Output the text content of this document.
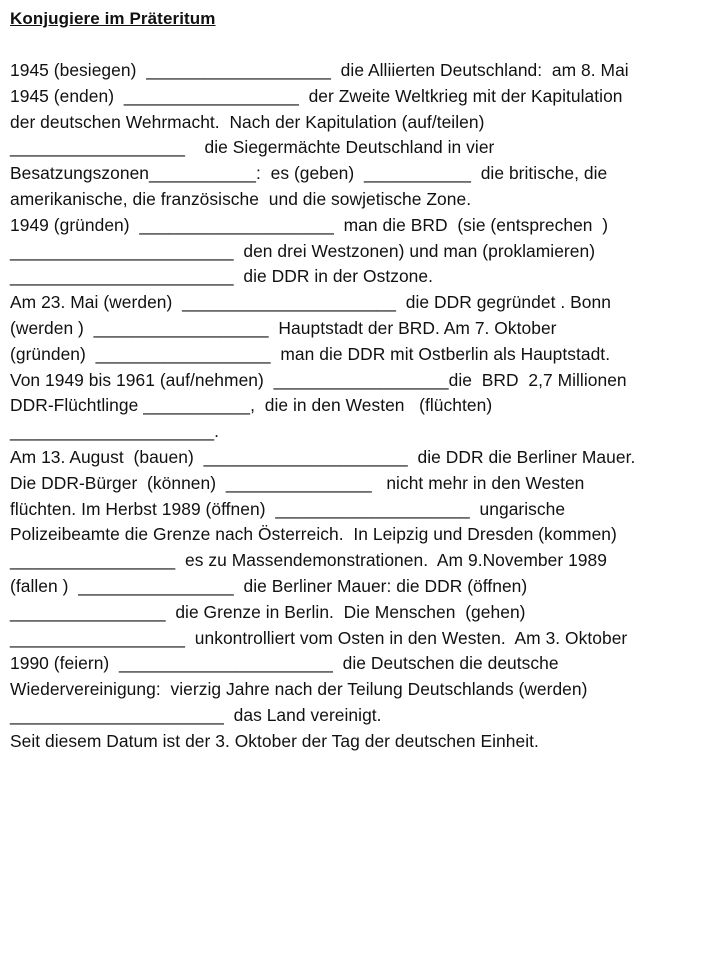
Konjugiere im Präteritum
1945 (besiegen)  ___________________  die Alliierten Deutschland:  am 8. Mai
1945 (enden)  __________________  der Zweite Weltkrieg mit der Kapitulation
der deutschen Wehrmacht.  Nach der Kapitulation (auf/teilen)
__________________    die Siegermächte Deutschland in vier
Besatzungszonen___________:  es (geben)  ___________  die britische, die
amerikanische, die französische  und die sowjetische Zone.
1949 (gründen)  ____________________  man die BRD  (sie (entsprechen  )
_______________________  den drei Westzonen) und man (proklamieren)
_______________________  die DDR in der Ostzone.
Am 23. Mai (werden)  ______________________  die DDR gegründet . Bonn
(werden )  __________________  Hauptstadt der BRD. Am 7. Oktober
(gründen)  __________________  man die DDR mit Ostberlin als Hauptstadt.
Von 1949 bis 1961 (auf/nehmen)  __________________die  BRD  2,7 Millionen
DDR-Flüchtlinge ___________,  die in den Westen   (flüchten)
_____________________.
Am 13. August  (bauen)  _____________________  die DDR die Berliner Mauer.
Die DDR-Bürger  (können)  _______________   nicht mehr in den Westen
flüchten. Im Herbst 1989 (öffnen)  ____________________  ungarische
Polizeibeamte die Grenze nach Österreich.  In Leipzig und Dresden (kommen)
_________________  es zu Massendemonstrationen.  Am 9.November 1989
(fallen )  ________________  die Berliner Mauer: die DDR (öffnen)
________________  die Grenze in Berlin.  Die Menschen  (gehen)
__________________  unkontrolliert vom Osten in den Westen.  Am 3. Oktober
1990 (feiern)  ______________________  die Deutschen die deutsche
Wiedervereinigung:  vierzig Jahre nach der Teilung Deutschlands (werden)
______________________  das Land vereinigt.
Seit diesem Datum ist der 3. Oktober der Tag der deutschen Einheit.
